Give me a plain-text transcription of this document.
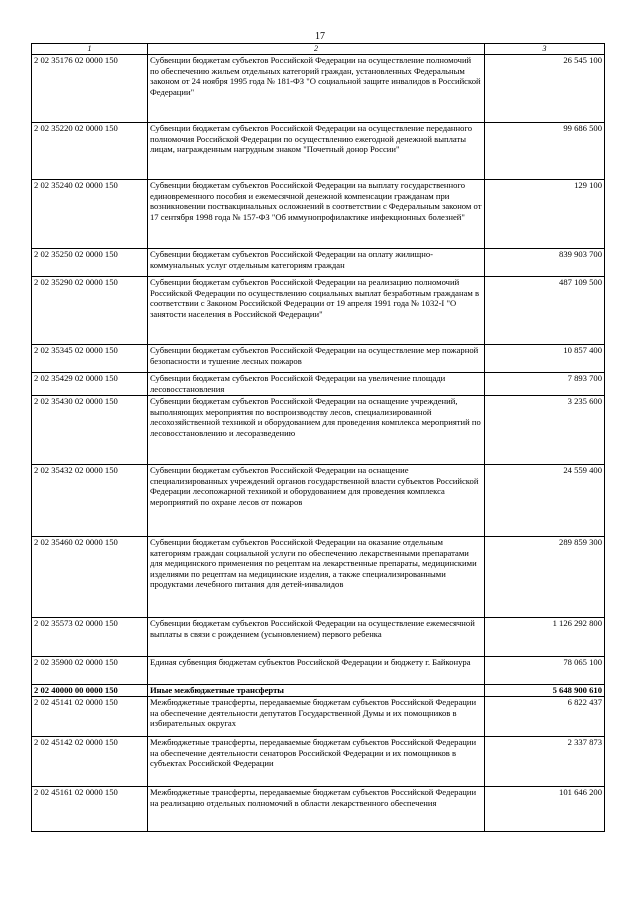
17
1	2	3
2 02 35176 02 0000 150	Субвенции бюджетам субъектов Российской Федерации на осуществление полномочий по обеспечению жильем отдельных категорий граждан, установленных Федеральным законом от 24 ноября 1995 года № 181-ФЗ "О социальной защите инвалидов в Российской Федерации"	26 545 100
2 02 35220 02 0000 150	Субвенции бюджетам субъектов Российской Федерации на осуществление переданного полномочия Российской Федерации по осуществлению ежегодной денежной выплаты лицам, награжденным нагрудным знаком "Почетный донор России"	99 686 500
2 02 35240 02 0000 150	Субвенции бюджетам субъектов Российской Федерации на выплату государственного единовременного пособия и ежемесячной денежной компенсации гражданам при возникновении поствакцинальных осложнений в соответствии с Федеральным законом от 17 сентября 1998 года № 157-ФЗ "Об иммунопрофилактике инфекционных болезней"	129 100
2 02 35250 02 0000 150	Субвенции бюджетам субъектов Российской Федерации на оплату жилищно-коммунальных услуг отдельным категориям граждан	839 903 700
2 02 35290 02 0000 150	Субвенции бюджетам субъектов Российской Федерации на реализацию полномочий Российской Федерации по осуществлению социальных выплат безработным гражданам в соответствии с Законом Российской Федерации от 19 апреля 1991 года № 1032-I "О занятости населения в Российской Федерации"	487 109 500
2 02 35345 02 0000 150	Субвенции бюджетам субъектов Российской Федерации на осуществление мер пожарной безопасности и тушение лесных пожаров	10 857 400
2 02 35429 02 0000 150	Субвенции бюджетам субъектов Российской Федерации на увеличение площади лесовосстановления	7 893 700
2 02 35430 02 0000 150	Субвенции бюджетам субъектов Российской Федерации на оснащение учреждений, выполняющих мероприятия по воспроизводству лесов, специализированной лесохозяйственной техникой и оборудованием для проведения комплекса мероприятий по лесовосстановлению и лесоразведению	3 235 600
2 02 35432 02 0000 150	Субвенции бюджетам субъектов Российской Федерации на оснащение специализированных учреждений органов государственной власти субъектов Российской Федерации лесопожарной техникой и оборудованием для проведения комплекса мероприятий по охране лесов от пожаров	24 559 400
2 02 35460 02 0000 150	Субвенции бюджетам субъектов Российской Федерации на оказание отдельным категориям граждан социальной услуги по обеспечению лекарственными препаратами для медицинского применения по рецептам на лекарственные препараты, медицинскими изделиями по рецептам на медицинские изделия, а также специализированными продуктами лечебного питания для детей-инвалидов	289 859 300
2 02 35573 02 0000 150	Субвенции бюджетам субъектов Российской Федерации на осуществление ежемесячной выплаты в связи с рождением (усыновлением) первого ребенка	1 126 292 800
2 02 35900 02 0000 150	Единая субвенция бюджетам субъектов Российской Федерации и бюджету г. Байконура	78 065 100
2 02 40000 00 0000 150	Иные межбюджетные трансферты	5 648 900 610
2 02 45141 02 0000 150	Межбюджетные трансферты, передаваемые бюджетам субъектов Российской Федерации на обеспечение деятельности депутатов Государственной Думы и их помощников в избирательных округах	6 822 437
2 02 45142 02 0000 150	Межбюджетные трансферты, передаваемые бюджетам субъектов Российской Федерации на обеспечение деятельности сенаторов Российской Федерации и их помощников в субъектах Российской Федерации	2 337 873
2 02 45161 02 0000 150	Межбюджетные трансферты, передаваемые бюджетам субъектов Российской Федерации на реализацию отдельных полномочий в области лекарственного обеспечения	101 646 200
